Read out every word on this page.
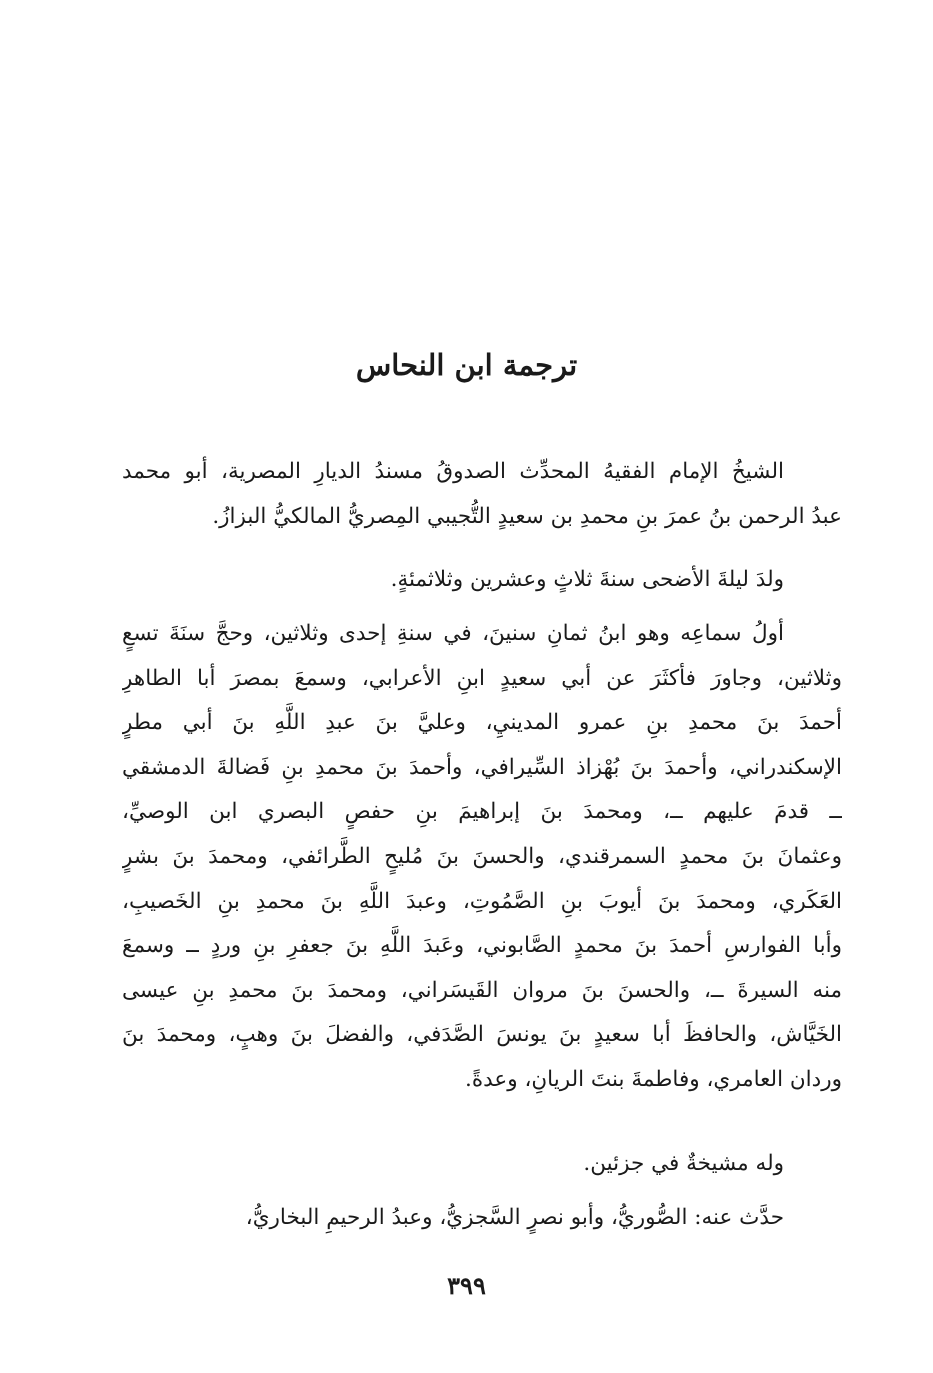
ترجمة ابن النحاس
الشيخُ الإمام الفقيهُ المحدِّث الصدوقُ مسندُ الديارِ المصرية، أبو محمد
عبدُ الرحمن بنُ عمرَ بنِ محمدِ بن سعيدٍ التُّجيبي المِصريُّ المالكيُّ البزازُ.
ولدَ ليلةَ الأضحى سنةَ ثلاثٍ وعشرين وثلاثمئةٍ.
أولُ سماعِه وهو ابنُ ثمانِ سنينَ، في سنةِ إحدى وثلاثين، وحجَّ سنَةَ تسعٍ
وثلاثين، وجاورَ فأكثَرَ عن أبي سعيدٍ ابنِ الأعرابي، وسمعَ بمصرَ أبا الطاهرِ
أحمدَ بنَ محمدِ بنِ عمرو المدينيِ، وعليَّ بنَ عبدِ اللَّهِ بنَ أبي مطرٍ
الإسكندراني، وأحمدَ بنَ بُهْزاذ السِّيرافي، وأحمدَ بنَ محمدِ بنِ فَضالةَ الدمشقي
ــ قدمَ عليهم ــ، ومحمدَ بنَ إبراهيمَ بنِ حفصٍ البصري ابن الوصيِّ،
وعثمانَ بنَ محمدٍ السمرقندي، والحسنَ بنَ مُليحٍ الطَّرائفي، ومحمدَ بنَ بشرٍ
العَكَري، ومحمدَ بنَ أيوبَ بنِ الصَّمُوتِ، وعبدَ اللَّهِ بنَ محمدِ بنِ الخَصيبِ،
وأبا الفوارسِ أحمدَ بنَ محمدٍ الصَّابوني، وعَبدَ اللَّهِ بنَ جعفرِ بنِ وردٍ ــ وسمعَ
منه السيرةَ ــ، والحسنَ بنَ مروان القَيسَراني، ومحمدَ بنَ محمدِ بنِ عيسى
الخَيَّاش، والحافظَ أبا سعيدٍ بنَ يونسَ الصَّدَفي، والفضلَ بنَ وهبٍ، ومحمدَ بنَ
وردان العامري، وفاطمةَ بنتَ الريانِ، وعدةً.
وله مشيخةٌ في جزئين.
حدَّث عنه: الصُّوريُّ، وأبو نصرٍ السَّجزيُّ، وعبدُ الرحيمِ البخاريُّ،
٣٩٩
